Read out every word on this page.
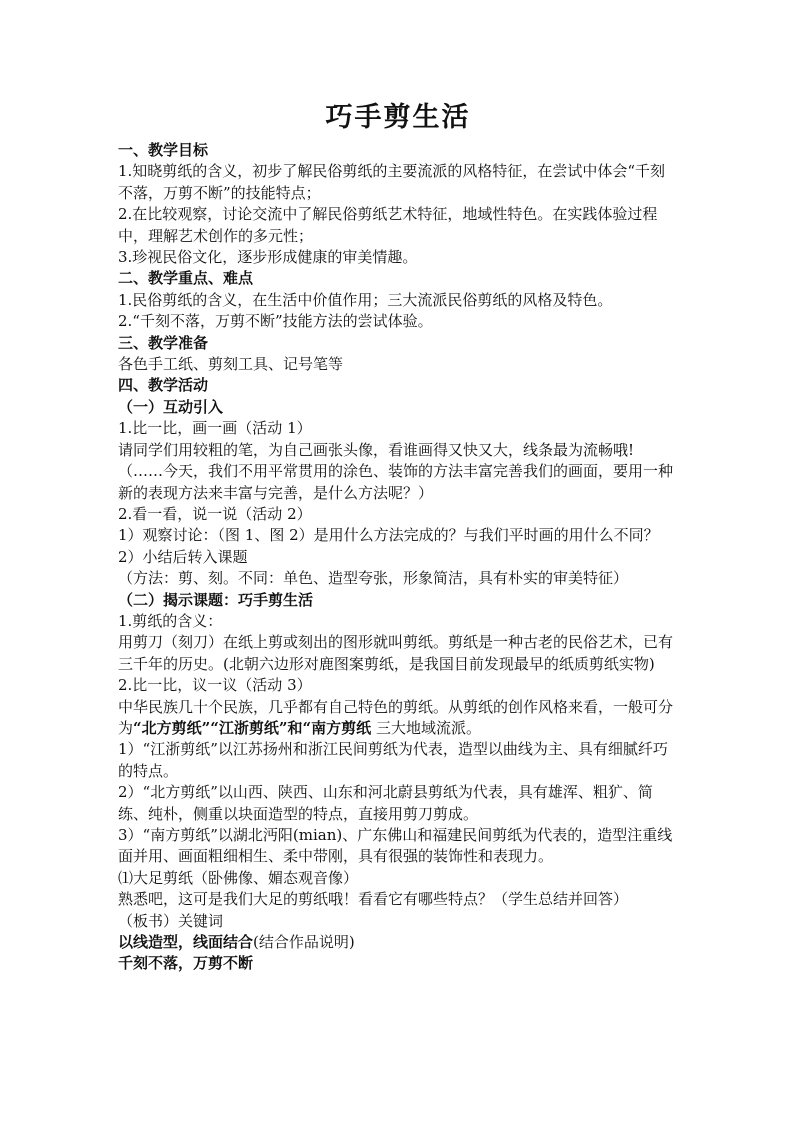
巧手剪生活
一、教学目标
1.知晓剪纸的含义，初步了解民俗剪纸的主要流派的风格特征，在尝试中体会“千刻不落，万剪不断”的技能特点；
2.在比较观察，讨论交流中了解民俗剪纸艺术特征，地域性特色。在实践体验过程中，理解艺术创作的多元性；
3.珍视民俗文化，逐步形成健康的审美情趣。
二、教学重点、难点
1.民俗剪纸的含义，在生活中价值作用；三大流派民俗剪纸的风格及特色。
2.“千刻不落，万剪不断”技能方法的尝试体验。
三、教学准备
各色手工纸、剪刻工具、记号笔等
四、教学活动
（一）互动引入
1.比一比，画一画（活动 1）
请同学们用较粗的笔，为自己画张头像，看谁画得又快又大，线条最为流畅哦!
（……今天，我们不用平常贯用的涂色、装饰的方法丰富完善我们的画面，要用一种新的表现方法来丰富与完善，是什么方法呢？）
2.看一看，说一说（活动 2）
1）观察讨论：（图 1、图 2）是用什么方法完成的？与我们平时画的用什么不同？
2）小结后转入课题
（方法：剪、刻。不同：单色、造型夸张，形象简洁，具有朴实的审美特征）
（二）揭示课题：巧手剪生活
1.剪纸的含义：
用剪刀（刻刀）在纸上剪或刻出的图形就叫剪纸。剪纸是一种古老的民俗艺术，已有三千年的历史。(北朝六边形对鹿图案剪纸，是我国目前发现最早的纸质剪纸实物)
2.比一比，议一议（活动 3）
中华民族几十个民族，几乎都有自己特色的剪纸。从剪纸的创作风格来看，一般可分为“北方剪纸”“江浙剪纸”和“南方剪纸 三大地域流派。
1）“江浙剪纸”以江苏扬州和浙江民间剪纸为代表，造型以曲线为主、具有细腻纤巧的特点。
2）“北方剪纸”以山西、陕西、山东和河北蔚县剪纸为代表，具有雄浑、粗犷、简练、纯朴，侧重以块面造型的特点，直接用剪刀剪成。
3）“南方剪纸”以湖北沔阳(mian)、广东佛山和福建民间剪纸为代表的，造型注重线面并用、画面粗细相生、柔中带刚，具有很强的装饰性和表现力。
⑴大足剪纸（卧佛像、媚态观音像）
熟悉吧，这可是我们大足的剪纸哦！看看它有哪些特点？（学生总结并回答）
（板书）关键词
以线造型，线面结合(结合作品说明)
千刻不落，万剪不断
